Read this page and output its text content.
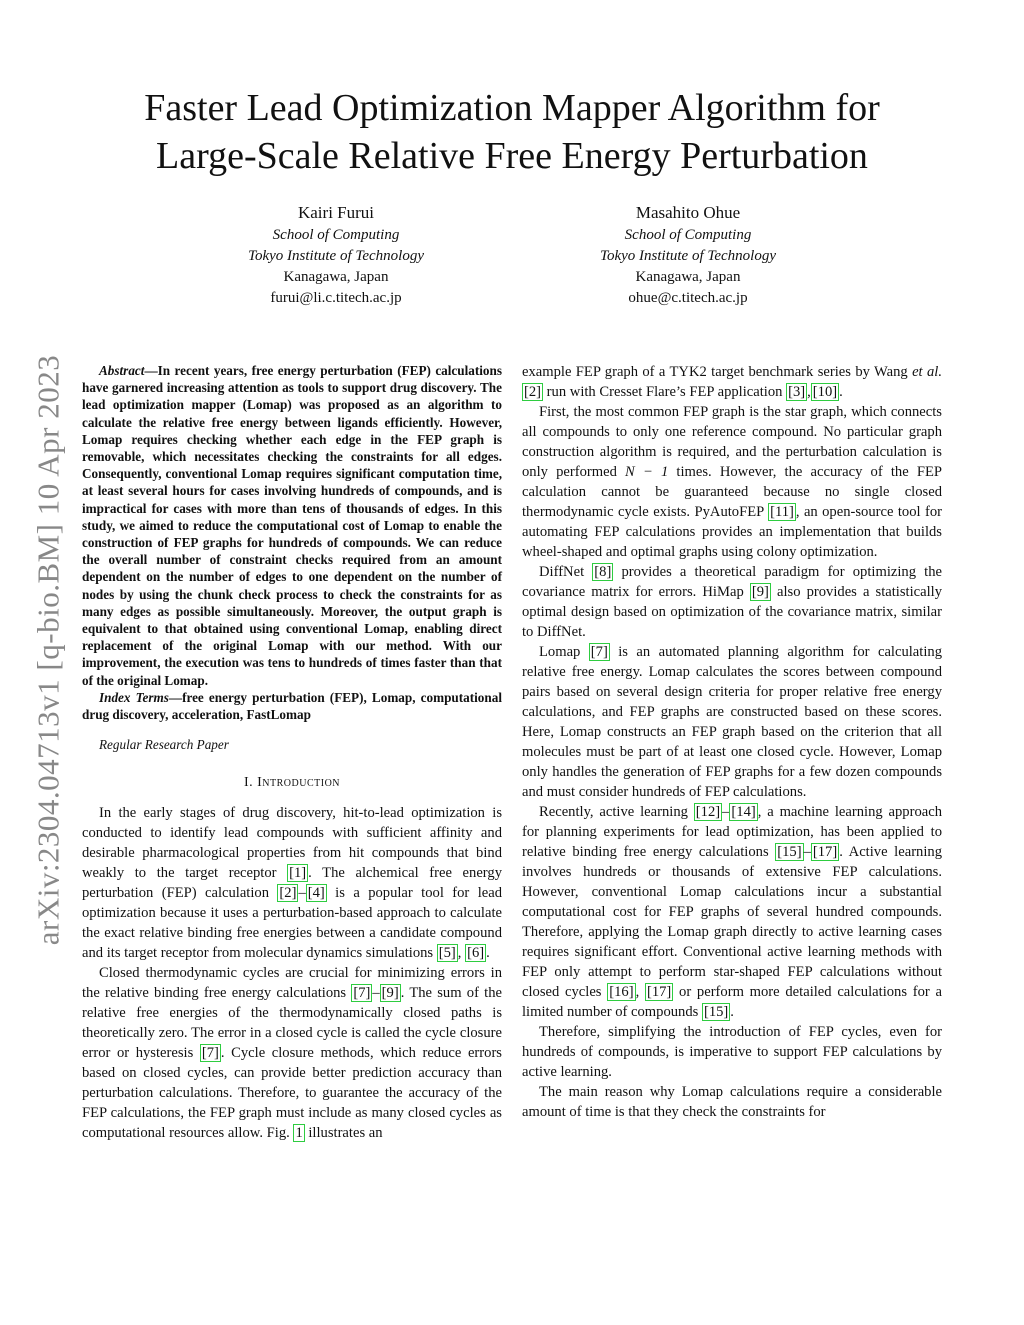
arXiv:2304.04713v1 [q-bio.BM] 10 Apr 2023
Faster Lead Optimization Mapper Algorithm for
Large-Scale Relative Free Energy Perturbation
Kairi Furui
School of Computing
Tokyo Institute of Technology
Kanagawa, Japan
furui@li.c.titech.ac.jp
Masahito Ohue
School of Computing
Tokyo Institute of Technology
Kanagawa, Japan
ohue@c.titech.ac.jp

Abstract—In recent years, free energy perturbation (FEP) calculations have garnered increasing attention as tools to support drug discovery. The lead optimization mapper (Lomap) was proposed as an algorithm to calculate the relative free energy between ligands efficiently. However, Lomap requires checking whether each edge in the FEP graph is removable, which necessitates checking the constraints for all edges. Consequently, conventional Lomap requires significant computation time, at least several hours for cases involving hundreds of compounds, and is impractical for cases with more than tens of thousands of edges. In this study, we aimed to reduce the computational cost of Lomap to enable the construction of FEP graphs for hundreds of compounds. We can reduce the overall number of constraint checks required from an amount dependent on the number of edges to one dependent on the number of nodes by using the chunk check process to check the constraints for as many edges as possible simultaneously. Moreover, the output graph is equivalent to that obtained using conventional Lomap, enabling direct replacement of the original Lomap with our method. With our improvement, the execution was tens to hundreds of times faster than that of the original Lomap.

Index Terms—free energy perturbation (FEP), Lomap, computational drug discovery, acceleration, FastLomap

Regular Research Paper

I. Introduction

In the early stages of drug discovery, hit-to-lead optimization is conducted to identify lead compounds with sufficient affinity and desirable pharmacological properties from hit compounds that bind weakly to the target receptor [1] . The alchemical free energy perturbation (FEP) calculation [2] – [4] is a popular tool for lead optimization because it uses a perturbation-based approach to calculate the exact relative binding free energies between a candidate compound and its target receptor from molecular dynamics simulations [5] , [6] .

Closed thermodynamic cycles are crucial for minimizing errors in the relative binding free energy calculations [7] – [9] . The sum of the relative free energies of the thermodynamically closed paths is theoretically zero. The error in a closed cycle is called the cycle closure error or hysteresis [7] . Cycle closure methods, which reduce errors based on closed cycles, can provide better prediction accuracy than perturbation calculations. Therefore, to guarantee the accuracy of the FEP calculations, the FEP graph must include as many closed cycles as computational resources allow. Fig. 1 illustrates an

example FEP graph of a TYK2 target benchmark series by Wang et al. [2] run with Cresset Flare’s FEP application [3] , [10] .

First, the most common FEP graph is the star graph, which connects all compounds to only one reference compound. No particular graph construction algorithm is required, and the perturbation calculation is only performed N − 1 times. However, the accuracy of the FEP calculation cannot be guaranteed because no single closed thermodynamic cycle exists. PyAutoFEP [11] , an open-source tool for automating FEP calculations provides an implementation that builds wheel-shaped and optimal graphs using colony optimization.

DiffNet [8] provides a theoretical paradigm for optimizing the covariance matrix for errors. HiMap [9] also provides a statistically optimal design based on optimization of the covariance matrix, similar to DiffNet.

Lomap [7] is an automated planning algorithm for calculating relative free energy. Lomap calculates the scores between compound pairs based on several design criteria for proper relative free energy calculations, and FEP graphs are constructed based on these scores. Here, Lomap constructs an FEP graph based on the criterion that all molecules must be part of at least one closed cycle. However, Lomap only handles the generation of FEP graphs for a few dozen compounds and must consider hundreds of FEP calculations.

Recently, active learning [12] – [14] , a machine learning approach for planning experiments for lead optimization, has been applied to relative binding free energy calculations [15] – [17] . Active learning involves hundreds or thousands of extensive FEP calculations. However, conventional Lomap calculations incur a substantial computational cost for FEP graphs of several hundred compounds. Therefore, applying the Lomap graph directly to active learning cases requires significant effort. Conventional active learning methods with FEP only attempt to perform star-shaped FEP calculations without closed cycles [16] , [17] or perform more detailed calculations for a limited number of compounds [15] .

Therefore, simplifying the introduction of FEP cycles, even for hundreds of compounds, is imperative to support FEP calculations by active learning.

The main reason why Lomap calculations require a considerable amount of time is that they check the constraints for
